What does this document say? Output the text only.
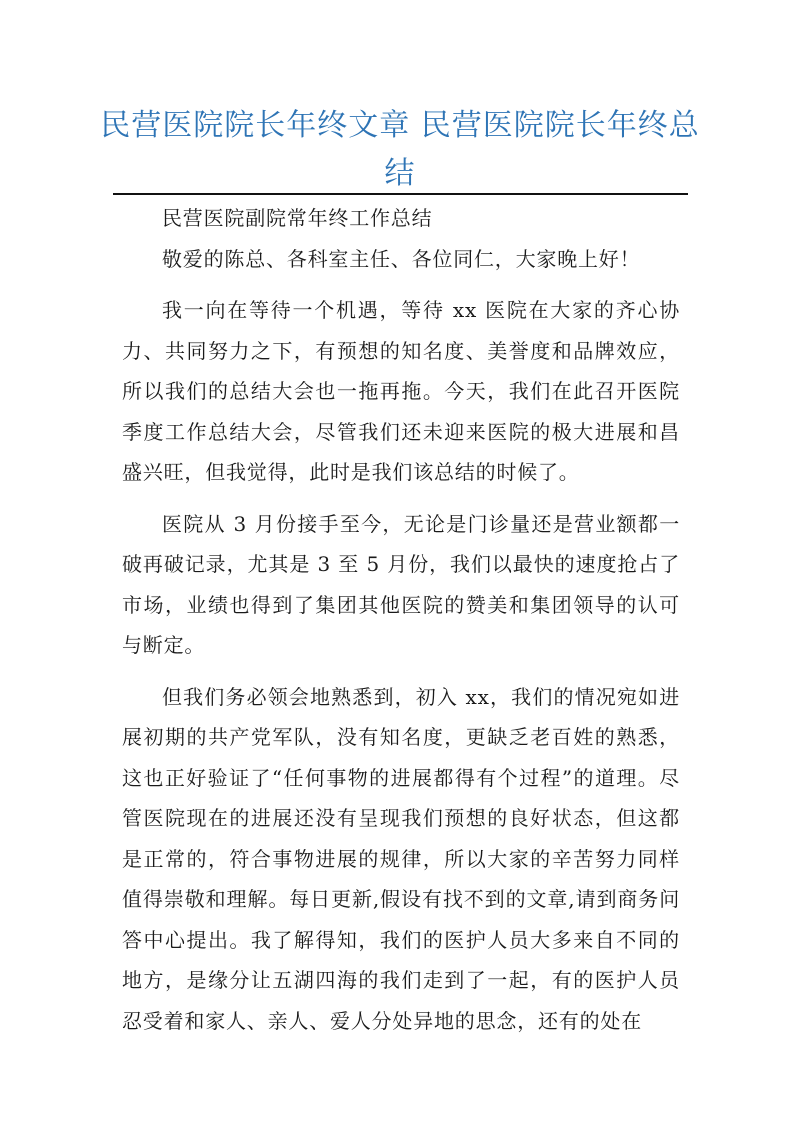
民营医院院长年终文章 民营医院院长年终总结

民营医院副院常年终工作总结

敬爱的陈总、各科室主任、各位同仁，大家晚上好！

我一向在等待一个机遇，等待 xx 医院在大家的齐心协力、共同努力之下，有预想的知名度、美誉度和品牌效应，所以我们的总结大会也一拖再拖。今天，我们在此召开医院季度工作总结大会，尽管我们还未迎来医院的极大进展和昌盛兴旺，但我觉得，此时是我们该总结的时候了。

医院从 3 月份接手至今，无论是门诊量还是营业额都一破再破记录，尤其是 3 至 5 月份，我们以最快的速度抢占了市场，业绩也得到了集团其他医院的赞美和集团领导的认可与断定。

但我们务必领会地熟悉到，初入 xx，我们的情况宛如进展初期的共产党军队，没有知名度，更缺乏老百姓的熟悉，这也正好验证了“任何事物的进展都得有个过程”的道理。尽管医院现在的进展还没有呈现我们预想的良好状态，但这都是正常的，符合事物进展的规律，所以大家的辛苦努力同样值得崇敬和理解。每日更新,假设有找不到的文章,请到商务问答中心提出。我了解得知，我们的医护人员大多来自不同的地方，是缘分让五湖四海的我们走到了一起，有的医护人员忍受着和家人、亲人、爱人分处异地的思念，还有的处在
